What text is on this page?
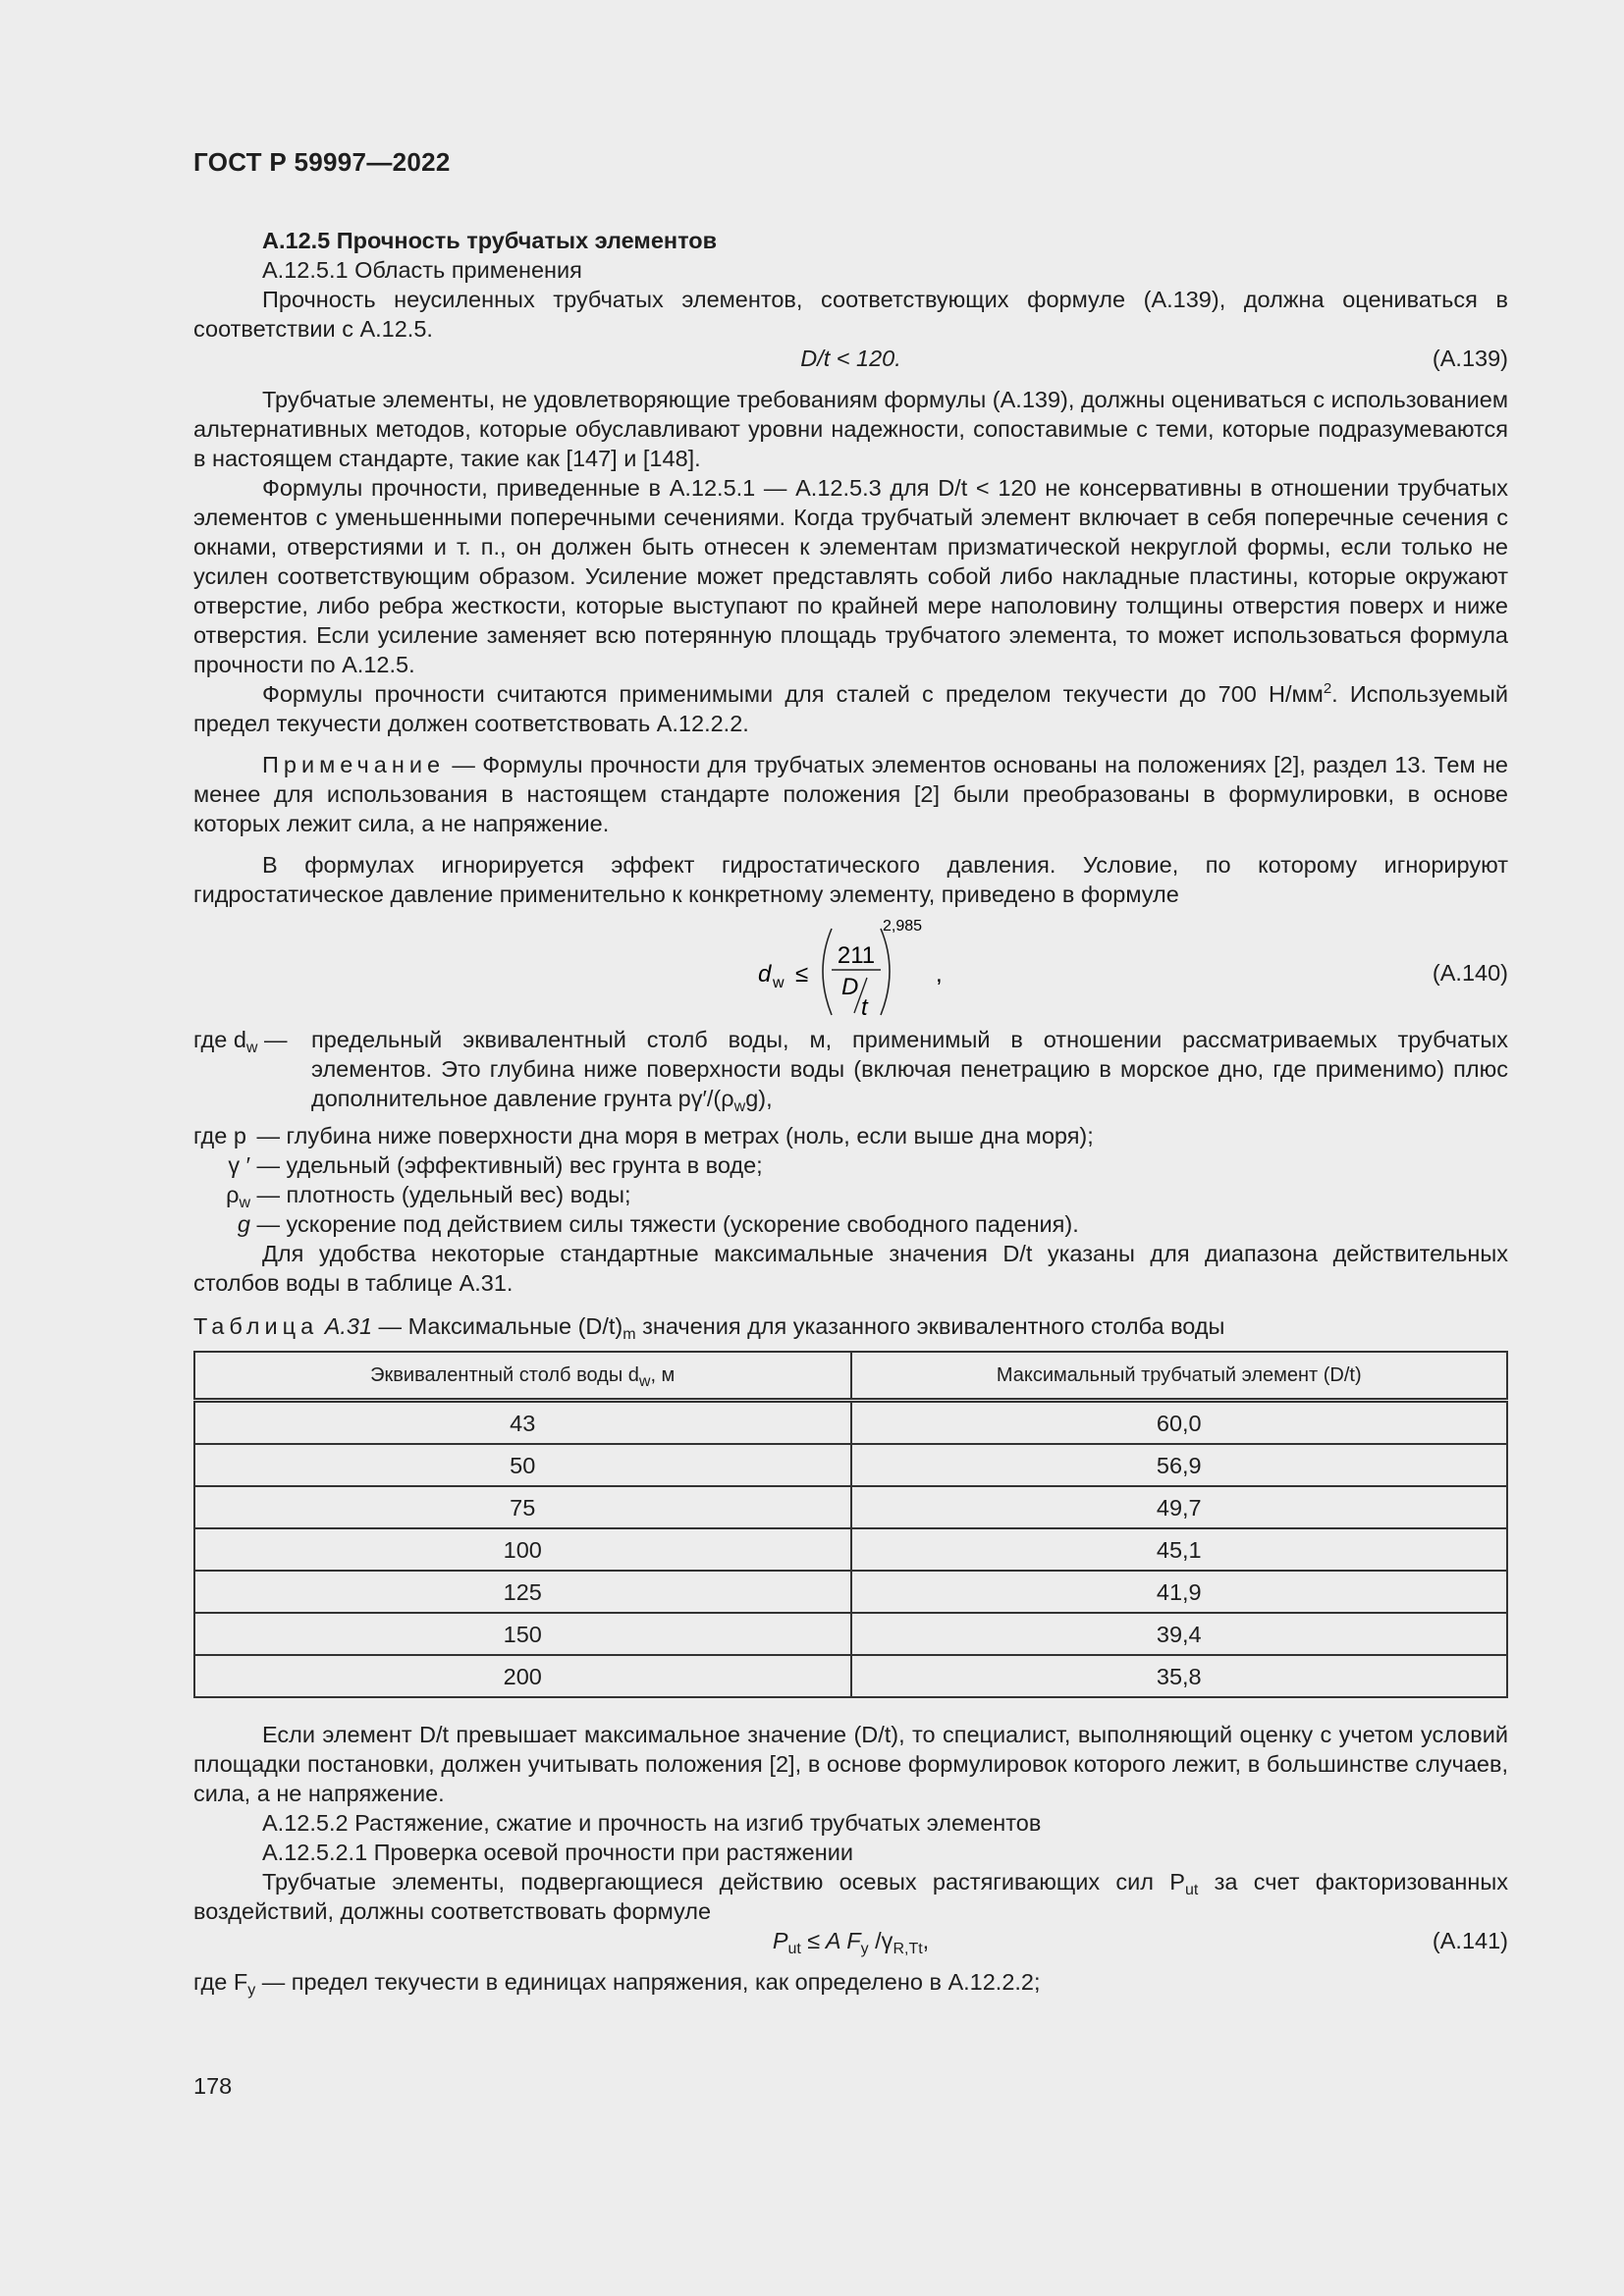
ГОСТ Р 59997—2022

А.12.5 Прочность трубчатых элементов

А.12.5.1 Область применения

Прочность неусиленных трубчатых элементов, соответствующих формуле (А.139), должна оцениваться в соответствии с А.12.5.

D/t < 120.	(А.139)

Трубчатые элементы, не удовлетворяющие требованиям формулы (А.139), должны оцениваться с использованием альтернативных методов, которые обуславливают уровни надежности, сопоставимые с теми, которые подразумеваются в настоящем стандарте, такие как [147] и [148].

Формулы прочности, приведенные в А.12.5.1 — А.12.5.3 для D/t < 120 не консервативны в отношении трубчатых элементов с уменьшенными поперечными сечениями. Когда трубчатый элемент включает в себя поперечные сечения с окнами, отверстиями и т. п., он должен быть отнесен к элементам призматической некруглой формы, если только не усилен соответствующим образом. Усиление может представлять собой либо накладные пластины, которые окружают отверстие, либо ребра жесткости, которые выступают по крайней мере наполовину толщины отверстия поверх и ниже отверстия. Если усиление заменяет всю потерянную площадь трубчатого элемента, то может использоваться формула прочности по А.12.5.

Формулы прочности считаются применимыми для сталей с пределом текучести до 700 $Н/мм^2$. Используемый предел текучести должен соответствовать А.12.2.2.

Примечание — Формулы прочности для трубчатых элементов основаны на положениях [2], раздел 13. Тем не менее для использования в настоящем стандарте положения [2] были преобразованы в формулировки, в основе которых лежит сила, а не напряжение.

В формулах игнорируется эффект гидростатического давления. Условие, по которому игнорируют гидростатическое давление применительно к конкретному элементу, приведено в формуле

d w ≤
211
D
t
2,985
,	(А.140)
где $d_w$ —	предельный эквивалентный столб воды, м, применимый в отношении рассматриваемых трубчатых элементов. Это глубина ниже поверхности воды (включая пенетрацию в морское дно, где применимо) плюс дополнительное давление грунта $p\gamma'/(\rho_wg)$,

где p — глубина ниже поверхности дна моря в метрах (ноль, если выше дна моря);

γ ′ — удельный (эффективный) вес грунта в воде;

$\rho_w$ — плотность (удельный вес) воды;

g — ускорение под действием силы тяжести (ускорение свободного падения).

Для удобства некоторые стандартные максимальные значения D/t указаны для диапазона действительных столбов воды в таблице А.31.

Таблица А.31 — Максимальные $(D/t)_m$ значения для указанного эквивалентного столба воды

Эквивалентный столб воды $d_w$, м	Максимальный трубчатый элемент (D/t)
43	60,0
50	56,9
75	49,7
100	45,1
125	41,9
150	39,4
200	35,8

Если элемент D/t превышает максимальное значение (D/t), то специалист, выполняющий оценку с учетом условий площадки постановки, должен учитывать положения [2], в основе формулировок которого лежит, в большинстве случаев, сила, а не напряжение.

А.12.5.2 Растяжение, сжатие и прочность на изгиб трубчатых элементов

А.12.5.2.1 Проверка осевой прочности при растяжении

Трубчатые элементы, подвергающиеся действию осевых растягивающих сил $P_{ut}$ за счет факторизованных воздействий, должны соответствовать формуле

$P_{ut} \le A$ $F_y$ $/\gamma_{R,Tt}$,	(А.141)

где $F_y$ — предел текучести в единицах напряжения, как определено в А.12.2.2;

178
